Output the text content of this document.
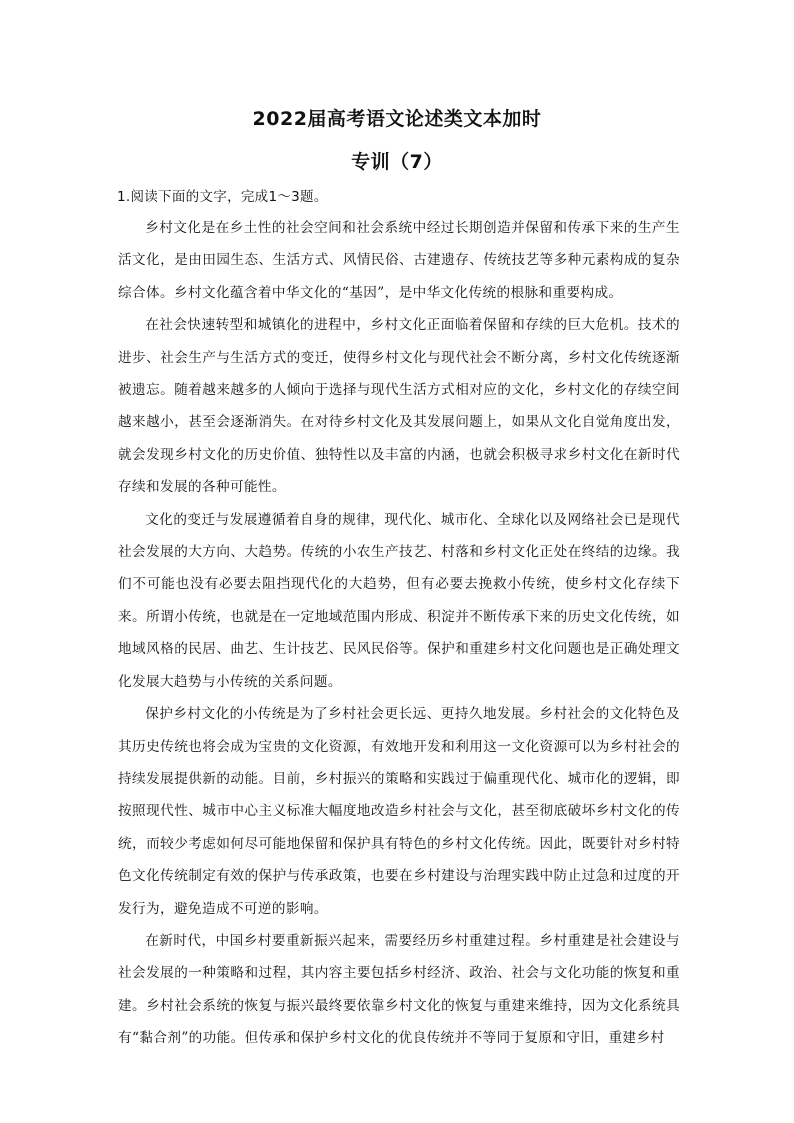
2022届高考语文论述类文本加时
专训（7）
1.阅读下面的文字，完成1～3题。

乡村文化是在乡土性的社会空间和社会系统中经过长期创造并保留和传承下来的生产生活文化，是由田园生态、生活方式、风情民俗、古建遗存、传统技艺等多种元素构成的复杂综合体。乡村文化蕴含着中华文化的“基因”，是中华文化传统的根脉和重要构成。

在社会快速转型和城镇化的进程中，乡村文化正面临着保留和存续的巨大危机。技术的进步、社会生产与生活方式的变迁，使得乡村文化与现代社会不断分离，乡村文化传统逐渐被遗忘。随着越来越多的人倾向于选择与现代生活方式相对应的文化，乡村文化的存续空间越来越小，甚至会逐渐消失。在对待乡村文化及其发展问题上，如果从文化自觉角度出发，就会发现乡村文化的历史价值、独特性以及丰富的内涵，也就会积极寻求乡村文化在新时代存续和发展的各种可能性。

文化的变迁与发展遵循着自身的规律，现代化、城市化、全球化以及网络社会已是现代社会发展的大方向、大趋势。传统的小农生产技艺、村落和乡村文化正处在终结的边缘。我们不可能也没有必要去阻挡现代化的大趋势，但有必要去挽救小传统，使乡村文化存续下来。所谓小传统，也就是在一定地域范围内形成、积淀并不断传承下来的历史文化传统，如地域风格的民居、曲艺、生计技艺、民风民俗等。保护和重建乡村文化问题也是正确处理文化发展大趋势与小传统的关系问题。

保护乡村文化的小传统是为了乡村社会更长远、更持久地发展。乡村社会的文化特色及其历史传统也将会成为宝贵的文化资源，有效地开发和利用这一文化资源可以为乡村社会的持续发展提供新的动能。目前，乡村振兴的策略和实践过于偏重现代化、城市化的逻辑，即按照现代性、城市中心主义标准大幅度地改造乡村社会与文化，甚至彻底破坏乡村文化的传统，而较少考虑如何尽可能地保留和保护具有特色的乡村文化传统。因此，既要针对乡村特色文化传统制定有效的保护与传承政策，也要在乡村建设与治理实践中防止过急和过度的开发行为，避免造成不可逆的影响。

在新时代，中国乡村要重新振兴起来，需要经历乡村重建过程。乡村重建是社会建设与社会发展的一种策略和过程，其内容主要包括乡村经济、政治、社会与文化功能的恢复和重建。乡村社会系统的恢复与振兴最终要依靠乡村文化的恢复与重建来维持，因为文化系统具有“黏合剂”的功能。但传承和保护乡村文化的优良传统并不等同于复原和守旧，重建乡村
